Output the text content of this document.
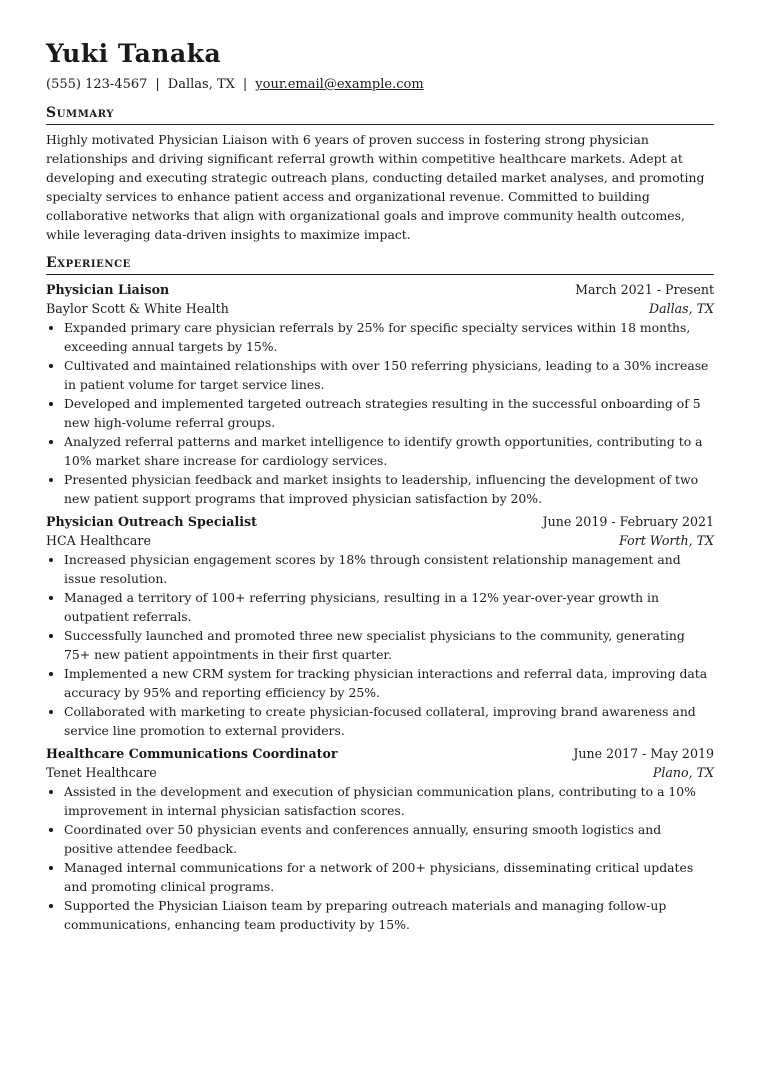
Yuki Tanaka
(555) 123-4567 | Dallas, TX | your.email@example.com
Summary

Highly motivated Physician Liaison with 6 years of proven success in fostering strong physician relationships and driving significant referral growth within competitive healthcare markets. Adept at developing and executing strategic outreach plans, conducting detailed market analyses, and promoting specialty services to enhance patient access and organizational revenue. Committed to building collaborative networks that align with organizational goals and improve community health outcomes, while leveraging data-driven insights to maximize impact.

Experience
Physician Liaison	March 2021 - Present
Baylor Scott & White Health	Dallas, TX
• Expanded primary care physician referrals by 25% for specific specialty services within 18 months, exceeding annual targets by 15%.
• Cultivated and maintained relationships with over 150 referring physicians, leading to a 30% increase in patient volume for target service lines.
• Developed and implemented targeted outreach strategies resulting in the successful onboarding of 5 new high-volume referral groups.
• Analyzed referral patterns and market intelligence to identify growth opportunities, contributing to a 10% market share increase for cardiology services.
• Presented physician feedback and market insights to leadership, influencing the development of two new patient support programs that improved physician satisfaction by 20%.
Physician Outreach Specialist	June 2019 - February 2021
HCA Healthcare	Fort Worth, TX
• Increased physician engagement scores by 18% through consistent relationship management and issue resolution.
• Managed a territory of 100+ referring physicians, resulting in a 12% year-over-year growth in outpatient referrals.
• Successfully launched and promoted three new specialist physicians to the community, generating 75+ new patient appointments in their first quarter.
• Implemented a new CRM system for tracking physician interactions and referral data, improving data accuracy by 95% and reporting efficiency by 25%.
• Collaborated with marketing to create physician-focused collateral, improving brand awareness and service line promotion to external providers.
Healthcare Communications Coordinator	June 2017 - May 2019
Tenet Healthcare	Plano, TX
• Assisted in the development and execution of physician communication plans, contributing to a 10% improvement in internal physician satisfaction scores.
• Coordinated over 50 physician events and conferences annually, ensuring smooth logistics and positive attendee feedback.
• Managed internal communications for a network of 200+ physicians, disseminating critical updates and promoting clinical programs.
• Supported the Physician Liaison team by preparing outreach materials and managing follow-up communications, enhancing team productivity by 15%.
